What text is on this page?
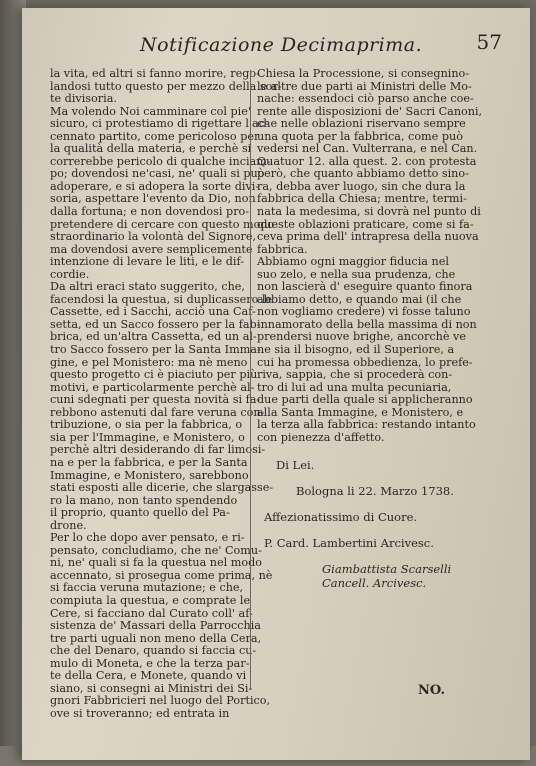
Notificazione Decimaprima.	57
la vita, ed altri si fanno morire, rego-
landosi tutto questo per mezzo della sor-
te divisoria.
Ma volendo Noi camminare col pie'
sicuro, ci protestiamo di rigettare l'ac-
cennato partito, come pericoloso per
la qualità della materia, e perchè si
correrebbe pericolo di qualche inciam-
po; dovendosi ne'casi, ne' quali si può
adoperare, e si adopera la sorte divi-
soria, aspettare l'evento da Dio, non
dalla fortuna; e non dovendosi pro-
pretendere di cercare con questo modo
straordinario la volontà del Signore,
ma dovendosi avere semplicemente
intenzione di levare le liti, e le dif-
cordie.
Da altri eraci stato suggerito, che,
facendosi la questua, si duplicassero le
Cassette, ed i Sacchi, acciò una Caf-
setta, ed un Sacco fossero per la fab-
brica, ed un'altra Cassetta, ed un al-
tro Sacco fossero per la Santa Imma-
gine, e pel Monistero: ma nè meno
questo progetto ci è piaciuto per più
motivi, e particolarmente perchè al-
cuni sdegnati per questa novità si fa-
rebbono astenuti dal fare veruna con-
tribuzione, o sia per la fabbrica, o
sia per l'Immagine, e Monistero, o
perchè altri desiderando di far limosi-
na e per la fabbrica, e per la Santa
Immagine, e Monistero, sarebbono
stati esposti alle dicerie, che slargasse-
ro la mano, non tanto spendendo
il proprio, quanto quello del Pa-
drone.
Per lo che dopo aver pensato, e ri-
pensato, concludiamo, che ne' Comu-
ni, ne' quali si fa la questua nel modo
accennato, si prosegua come prima, nè
si faccia veruna mutazione; e che,
compiuta la questua, e comprate le
Cere, si facciano dal Curato coll' af-
sistenza de' Massari della Parrocchia
tre parti uguali non meno della Cera,
che del Denaro, quando si faccia cu-
mulo di Moneta, e che la terza par-
te della Cera, e Monete, quando vi
siano, si consegni ai Ministri dei Si-
gnori Fabbricieri nel luogo del Portico,
ove si troveranno; ed entrata in
Chiesa la Processione, si consegnino-
le altre due parti ai Ministri delle Mo-
nache: essendoci ciò parso anche coe-
rente alle disposizioni de' Sacri Canoni,
che nelle oblazioni riservano sempre
una quota per la fabbrica, come può
vedersi nel Can. Vulterrana, e nel Can.
Quatuor 12. alla quest. 2. con protesta
però, che quanto abbiamo detto sino-
ra, debba aver luogo, sin che dura la
fabbrica della Chiesa; mentre, termi-
nata la medesima, si dovrà nel punto di
queste oblazioni praticare, come si fa-
ceva prima dell' intrapresa della nuova
fabbrica.
Abbiamo ogni maggior fiducia nel
suo zelo, e nella sua prudenza, che
non lascierà d' eseguire quanto finora
abbiamo detto, e quando mai (il che
non vogliamo credere) vi fosse taluno
innamorato della bella massima di non
prendersi nuove brighe, ancorchè ve
ne sia il bisogno, ed il Superiore, a
cui ha promessa obbedienza, lo prefe-
riva, sappia, che si procederà con-
tro di lui ad una multa pecuniaria,
due parti della quale si applicheranno
alla Santa Immagine, e Monistero, e
la terza alla fabbrica: restando intanto
con pienezza d'affetto.
Di Lei.
Bologna li 22. Marzo 1738.
Affezionatissimo di Cuore.
P. Card. Lambertini Arcivesc.
Giambattista Scarselli
Cancell. Arcivesc.
NO.
